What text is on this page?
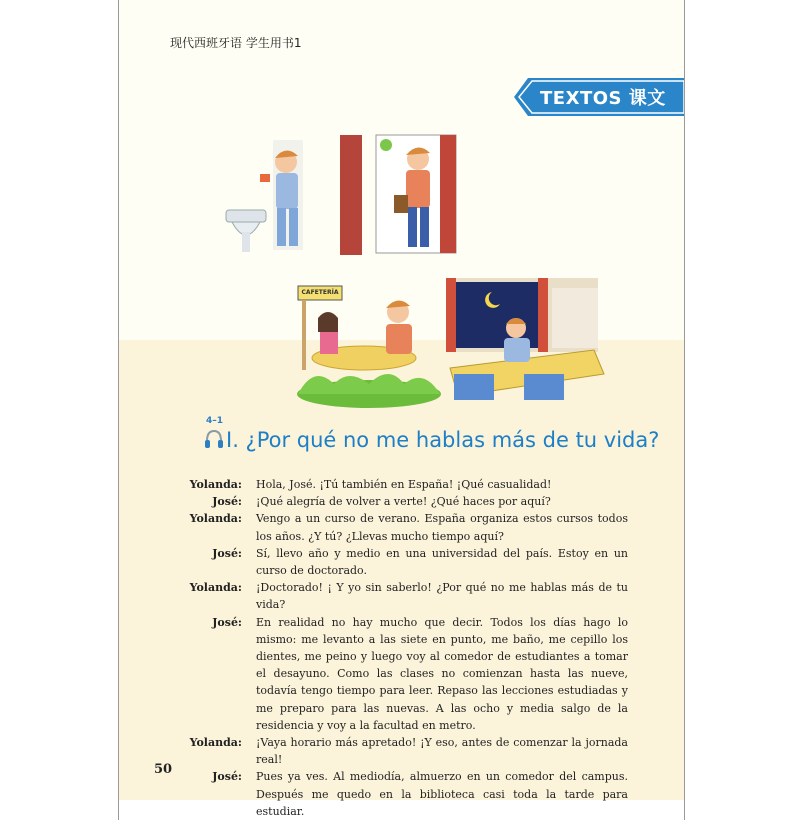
现代西班牙语 学生用书1
TEXTOS 课文
CAFETERÍA
4–1
I. ¿Por qué no me hablas más de tu vida?
Yolanda:	Hola, José. ¡Tú también en España! ¡Qué casualidad!
José:	¡Qué alegría de volver a verte! ¿Qué haces por aquí?
Yolanda:	Vengo a un curso de verano. España organiza estos cursos todos los años. ¿Y tú? ¿Llevas mucho tiempo aquí?
José:	Sí, llevo año y medio en una universidad del país. Estoy en un curso de doctorado.
Yolanda:	¡Doctorado! ¡ Y yo sin saberlo! ¿Por qué no me hablas más de tu vida?
José:	En realidad no hay mucho que decir. Todos los días hago lo mismo: me levanto a las siete en punto, me baño, me cepillo los dientes, me peino y luego voy al comedor de estudiantes a tomar el desayuno. Como las clases no comienzan hasta las nueve, todavía tengo tiempo para leer. Repaso las lecciones estudiadas y me preparo para las nuevas. A las ocho y media salgo de la residencia y voy a la facultad en metro.
Yolanda:	¡Vaya horario más apretado! ¡Y eso, antes de comenzar la jornada real!
José:	Pues ya ves. Al mediodía, almuerzo en un comedor del campus. Después me quedo en la biblioteca casi toda la tarde para estudiar.
50
